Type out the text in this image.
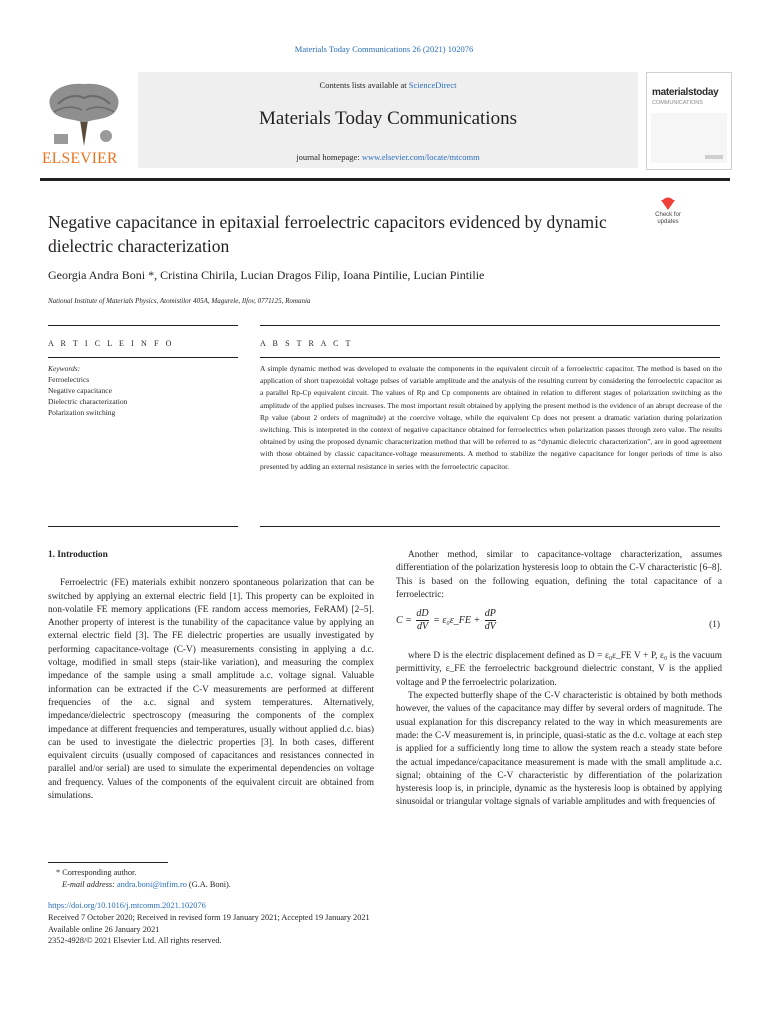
Materials Today Communications 26 (2021) 102076
ELSEVIER
Contents lists available at ScienceDirect
Materials Today Communications
journal homepage: www.elsevier.com/locate/mtcomm
materialstoday
COMMUNICATIONS
Negative capacitance in epitaxial ferroelectric capacitors evidenced by dynamic dielectric characterization
Check for
updates
Georgia Andra Boni *, Cristina Chirila, Lucian Dragos Filip, Ioana Pintilie, Lucian Pintilie
National Institute of Materials Physics, Atomistilor 405A, Magurele, Ilfov, 0771125, Romania
A R T I C L E I N F O	A B S T R A C T
Keywords:
Ferroelectrics
Negative capacitance
Dielectric characterization
Polarization switching
A simple dynamic method was developed to evaluate the components in the equivalent circuit of a ferroelectric capacitor. The method is based on the application of short trapezoidal voltage pulses of variable amplitude and the analysis of the resulting current by considering the ferroelectric capacitor as a parallel Rp-Cp equivalent circuit. The values of Rp and Cp components are obtained in relation to different stages of polarization switching as the amplitude of the applied pulses increases. The most important result obtained by applying the present method is the evidence of an abrupt decrease of the Rp value (about 2 orders of magnitude) at the coercive voltage, while the equivalent Cp does not present a dramatic variation during polarization switching. This is interpreted in the context of negative capacitance obtained for ferroelectrics when polarization passes through zero value. The results obtained by using the proposed dynamic characterization method that will be referred to as “dynamic dielectric characterization”, are in good agreement with those obtained by classic capacitance-voltage measurements. A method to stabilize the negative capacitance for longer periods of time is also presented by adding an external resistance in series with the ferroelectric capacitor.

1. Introduction

Ferroelectric (FE) materials exhibit nonzero spontaneous polarization that can be switched by applying an external electric field [1]. This property can be exploited in non-volatile FE memory applications (FE random access memories, FeRAM) [2–5]. Another property of interest is the tunability of the capacitance value by applying an external electric field [3]. The FE dielectric properties are usually investigated by performing capacitance-voltage (C-V) measurements consisting in applying a d.c. voltage, modified in small steps (stair-like variation), and measuring the complex impedance of the sample using a small amplitude a.c. voltage signal. Valuable information can be extracted if the C-V measurements are performed at different frequencies of the a.c. signal and system temperatures. Alternatively, impedance/dielectric spectroscopy (measuring the components of the complex impedance at different frequencies and temperatures, usually without applied d.c. bias) can be used to investigate the dielectric properties [3]. In both cases, different equivalent circuits (usually composed of capacitances and resistances connected in parallel and/or serial) are used to simulate the experimental dependencies on voltage and frequency. Values of the components of the equivalent circuit are obtained from simulations.

Another method, similar to capacitance-voltage characterization, assumes differentiation of the polarization hysteresis loop to obtain the C-V characteristic [6–8]. This is based on the following equation, defining the total capacitance of a ferroelectric:

$C = \frac{dD}{dV}$ = ε₀ε_FE + $\frac{dP}{dV}$	(1)

where D is the electric displacement defined as D = ε₀ε_FE V + P, ε₀ is the vacuum permittivity, ε_FE the ferroelectric background dielectric constant, V is the applied voltage and P the ferroelectric polarization.

The expected butterfly shape of the C-V characteristic is obtained by both methods however, the values of the capacitance may differ by several orders of magnitude. The usual explanation for this discrepancy related to the way in which measurements are made: the C-V measurement is, in principle, quasi-static as the d.c. voltage at each step is applied for a sufficiently long time to allow the system reach a steady state before the actual impedance/capacitance measurement is made with the small amplitude a.c. signal; obtaining of the C-V characteristic by differentiation of the polarization hysteresis loop is, in principle, dynamic as the hysteresis loop is obtained by applying sinusoidal or triangular voltage signals of variable amplitudes and with frequencies of

* Corresponding author.
E-mail address: andra.boni@infim.ro (G.A. Boni).
https://doi.org/10.1016/j.mtcomm.2021.102076
Received 7 October 2020; Received in revised form 19 January 2021; Accepted 19 January 2021
Available online 26 January 2021
2352-4928/© 2021 Elsevier Ltd. All rights reserved.
